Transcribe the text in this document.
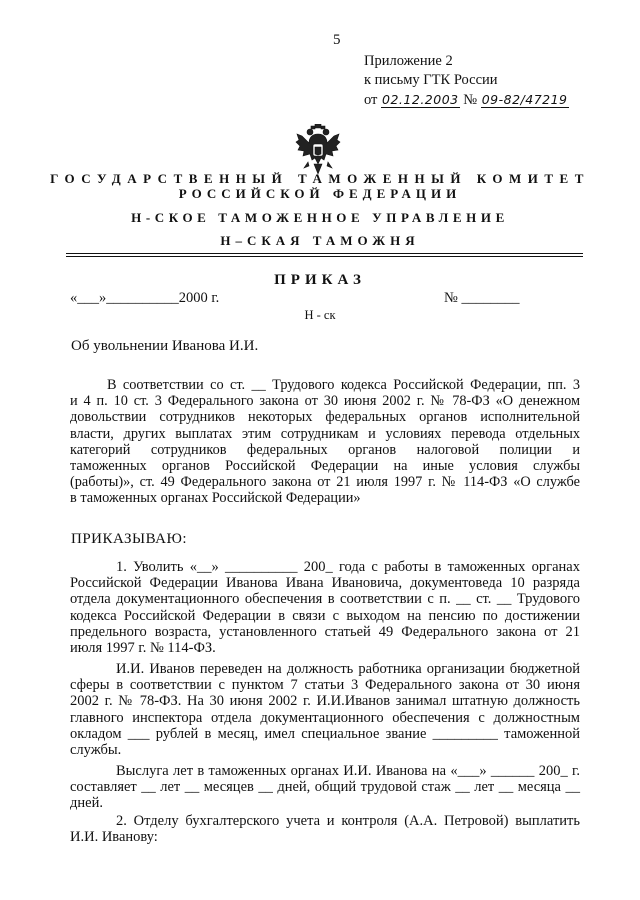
5
Приложение 2
к письму ГТК России
от 02.12.2003 № 09-82/47219
ГОСУДАРСТВЕННЫЙ ТАМОЖЕННЫЙ КОМИТЕТ
РОССИЙСКОЙ ФЕДЕРАЦИИ
Н-СКОЕ ТАМОЖЕННОЕ УПРАВЛЕНИЕ
Н–СКАЯ ТАМОЖНЯ
ПРИКАЗ
«___»__________2000 г.	№ ________
Н - ск
Об увольнении Иванова И.И.
В соответствии со ст. __ Трудового кодекса Российской Федерации, пп. 3
и 4 п. 10 ст. 3 Федерального закона от 30 июня 2002 г. № 78-ФЗ «О денежном
довольствии сотрудников некоторых федеральных органов исполнительной
власти, других выплатах этим сотрудникам и условиях перевода отдельных
категорий сотрудников федеральных органов налоговой полиции и
таможенных органов Российской Федерации на иные условия службы
(работы)», ст. 49 Федерального закона от 21 июля 1997 г. № 114-ФЗ «О службе
в таможенных органах Российской Федерации»
ПРИКАЗЫВАЮ:
1. Уволить «__» __________ 200_ года с работы в таможенных органах
Российской Федерации Иванова Ивана Ивановича, документоведа 10 разряда
отдела документационного обеспечения в соответствии с п. __ ст. __ Трудового
кодекса Российской Федерации в связи с выходом на пенсию по достижении
предельного возраста, установленного статьей 49 Федерального закона от 21
июля 1997 г. № 114-ФЗ.
И.И. Иванов переведен на должность работника организации бюджетной
сферы в соответствии с пунктом 7 статьи 3 Федерального закона от 30 июня
2002 г. № 78-ФЗ. На 30 июня 2002 г. И.И.Иванов занимал штатную должность
главного инспектора отдела документационного обеспечения с должностным
окладом ___ рублей в месяц, имел специальное звание _________ таможенной
службы.
Выслуга лет в таможенных органах И.И. Иванова на «___» ______ 200_ г.
составляет __ лет __ месяцев __ дней, общий трудовой стаж __ лет __ месяца __
дней.
2. Отделу бухгалтерского учета и контроля (А.А. Петровой) выплатить
И.И. Иванову:
